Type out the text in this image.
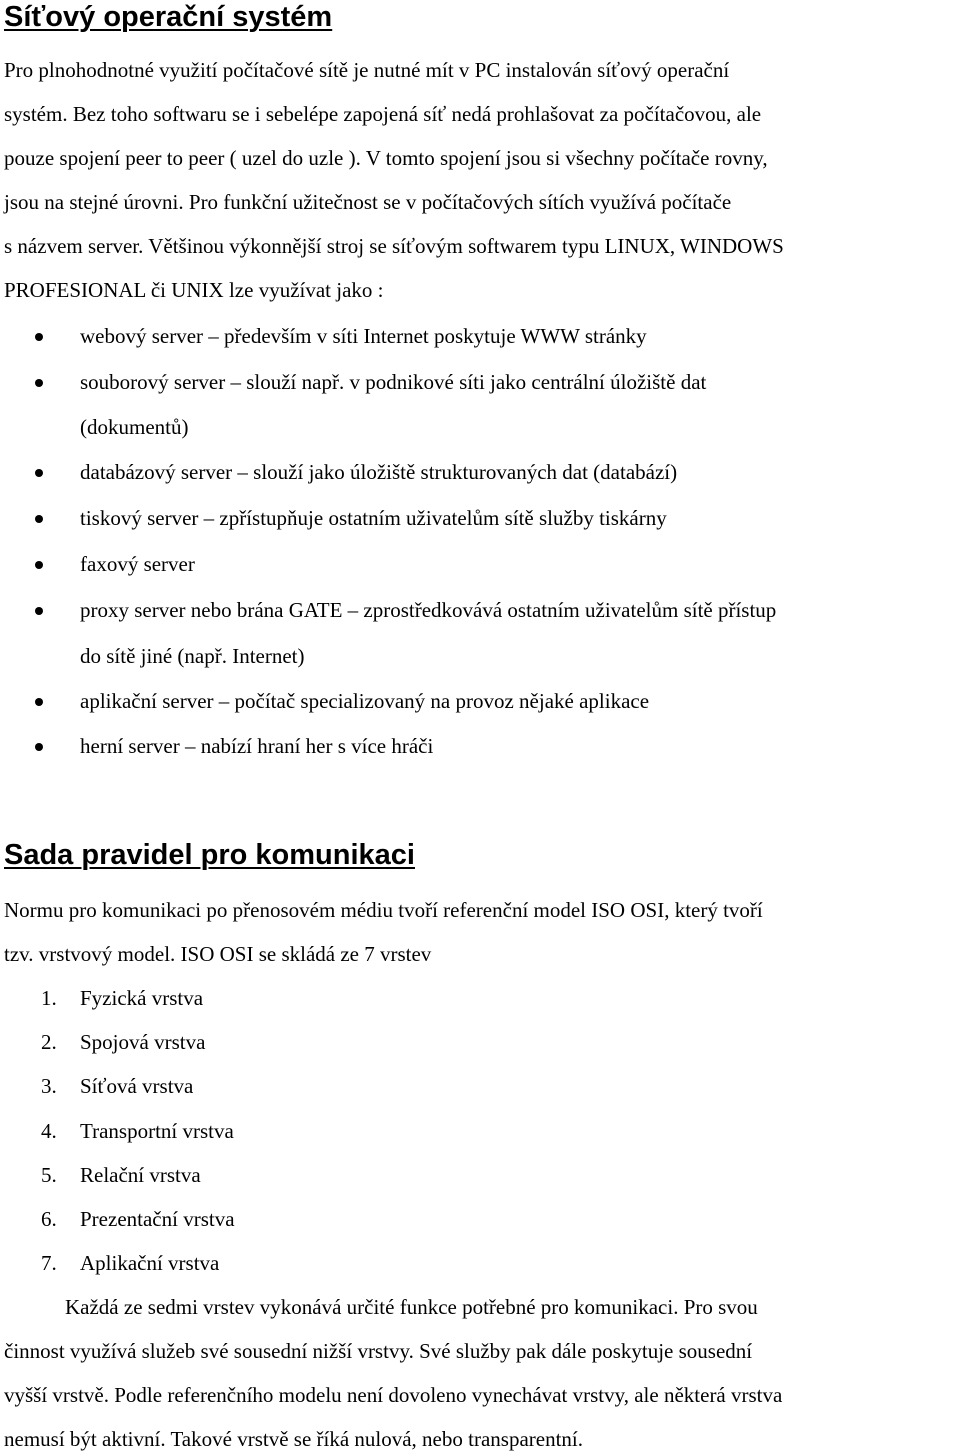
Síťový operační systém
Pro plnohodnotné využití počítačové sítě je nutné mít v PC instalován síťový operační
systém. Bez toho softwaru se i sebelépe zapojená síť nedá prohlašovat za počítačovou, ale
pouze spojení peer to peer ( uzel do uzle ). V tomto spojení jsou si všechny počítače rovny,
jsou na stejné úrovni. Pro funkční užitečnost se v počítačových sítích využívá počítače
s názvem server. Většinou výkonnější stroj se síťovým softwarem typu LINUX, WINDOWS
PROFESIONAL či UNIX lze využívat jako :
webový server – především v síti Internet poskytuje WWW stránky
souborový server – slouží např. v podnikové síti jako centrální úložiště dat
(dokumentů)
databázový server – slouží jako úložiště strukturovaných dat (databází)
tiskový server – zpřístupňuje ostatním uživatelům sítě služby tiskárny
faxový server
proxy server nebo brána GATE – zprostředkovává ostatním uživatelům sítě přístup
do sítě jiné (např. Internet)
aplikační server – počítač specializovaný na provoz nějaké aplikace
herní server – nabízí hraní her s více hráči
Sada pravidel pro komunikaci
Normu pro komunikaci po přenosovém médiu tvoří referenční model ISO OSI, který tvoří
tzv. vrstvový model. ISO OSI se skládá ze 7 vrstev
1. Fyzická vrstva
2. Spojová vrstva
3. Síťová vrstva
4. Transportní vrstva
5. Relační vrstva
6. Prezentační vrstva
7. Aplikační vrstva
Každá ze sedmi vrstev vykonává určité funkce potřebné pro komunikaci. Pro svou
činnost využívá služeb své sousední nižší vrstvy. Své služby pak dále poskytuje sousední
vyšší vrstvě. Podle referenčního modelu není dovoleno vynechávat vrstvy, ale některá vrstva
nemusí být aktivní. Takové vrstvě se říká nulová, nebo transparentní.
